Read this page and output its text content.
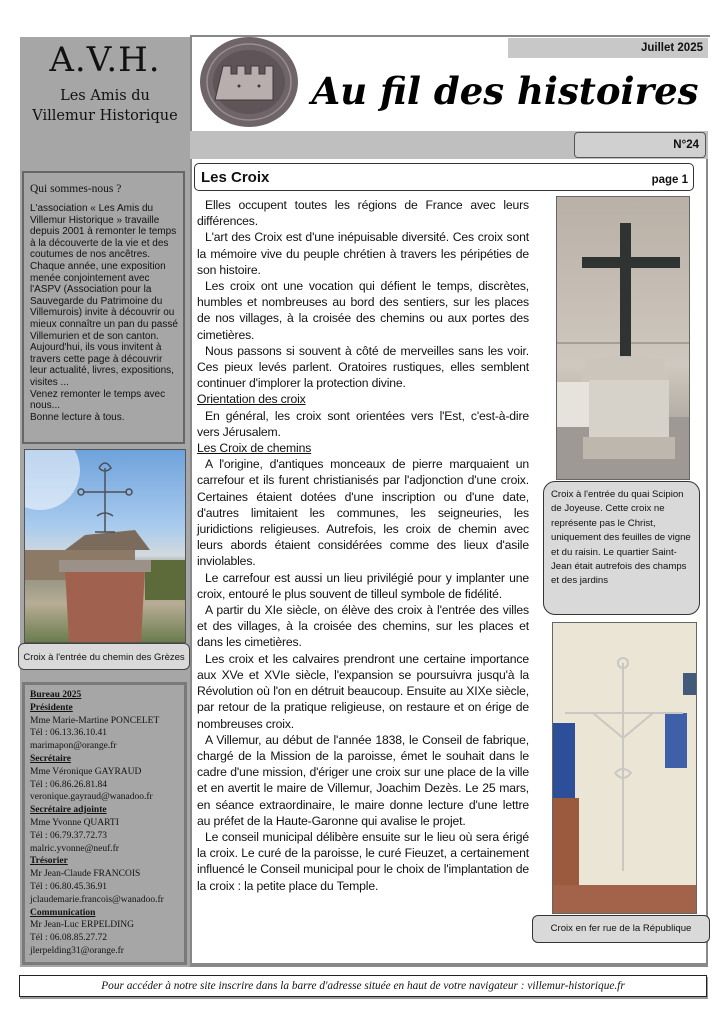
A.V.H.
Les Amis du
Villemur Historique
Qui sommes-nous ?

L'association « Les Amis du Villemur Historique » travaille depuis 2001 à remonter le temps à la découverte de la vie et des coutumes de nos ancêtres.

Chaque année, une exposition menée conjointement avec l'ASPV (Association pour la Sauvegarde du Patrimoine du Villemurois) invite à découvrir ou mieux connaître un pan du passé Villemurien et de son canton.

Aujourd'hui, ils vous invitent à travers cette page à découvrir leur actualité, livres, expositions, visites ...

Venez remonter le temps avec nous...

Bonne lecture à tous.

Croix à l'entrée du chemin des Grèzes
Bureau 2025
Présidente
Mme Marie-Martine PONCELET
Tél : 06.13.36.10.41
marimapon@orange.fr
Secrétaire
Mme Véronique GAYRAUD
Tél : 06.86.26.81.84
veronique.gayraud@wanadoo.fr
Secrétaire adjointe
Mme Yvonne QUARTI
Tél : 06.79.37.72.73
malric.yvonne@neuf.fr
Trésorier
Mr Jean-Claude FRANCOIS
Tél : 06.80.45.36.91
jclaudemarie.francois@wanadoo.fr
Communication
Mr Jean-Luc ERPELDING
Tél : 06.08.85.27.72
jlerpelding31@orange.fr
Juillet 2025
Au fil des histoires
N°24
Les Croix	page 1

Elles occupent toutes les régions de France avec leurs différences.

L'art des Croix est d'une inépuisable diversité. Ces croix sont la mémoire vive du peuple chrétien à travers les péripéties de son histoire.

Les croix ont une vocation qui défient le temps, discrètes, humbles et nombreuses au bord des sentiers, sur les places de nos villages, à la croisée des chemins ou aux portes des cimetières.

Nous passons si souvent à côté de merveilles sans les voir. Ces pieux levés parlent. Oratoires rustiques, elles semblent continuer d'implorer la protection divine.

Orientation des croix

En général, les croix sont orientées vers l'Est, c'est-à-dire vers Jérusalem.

Les Croix de chemins

A l'origine, d'antiques monceaux de pierre marquaient un carrefour et ils furent christianisés par l'adjonction d'une croix. Certaines étaient dotées d'une inscription ou d'une date, d'autres limitaient les communes, les seigneuries, les juridictions religieuses. Autrefois, les croix de chemin avec leurs abords étaient considérées comme des lieux d'asile inviolables.

Le carrefour est aussi un lieu privilégié pour y implanter une croix, entouré le plus souvent de tilleul symbole de fidélité.

A partir du XIe siècle, on élève des croix à l'entrée des villes et des villages, à la croisée des chemins, sur les places et dans les cimetières.

Les croix et les calvaires prendront une certaine importance aux XVe et XVIe siècle, l'expansion se poursuivra jusqu'à la Révolution où l'on en détruit beaucoup. Ensuite au XIXe siècle, par retour de la pratique religieuse, on restaure et on érige de nombreuses croix.

A Villemur, au début de l'année 1838, le Conseil de fabrique, chargé de la Mission de la paroisse, émet le souhait dans le cadre d'une mission, d'ériger une croix sur une place de la ville et en avertit le maire de Villemur, Joachim Dezès. Le 25 mars, en séance extraordinaire, le maire donne lecture d'une lettre au préfet de la Haute-Garonne qui avalise le projet.

Le conseil municipal délibère ensuite sur le lieu où sera érigé la croix. Le curé de la paroisse, le curé Fieuzet, a certainement influencé le Conseil municipal pour le choix de l'implantation de la croix : la petite place du Temple.

Croix à l'entrée du quai Scipion de Joyeuse. Cette croix ne représente pas le Christ, uniquement des feuilles de vigne et du raisin. Le quartier Saint-Jean était autrefois des champs et des jardins
Croix en fer rue de la République
Pour accéder à notre site inscrire dans la barre d'adresse située en haut de votre navigateur : villemur-historique.fr
